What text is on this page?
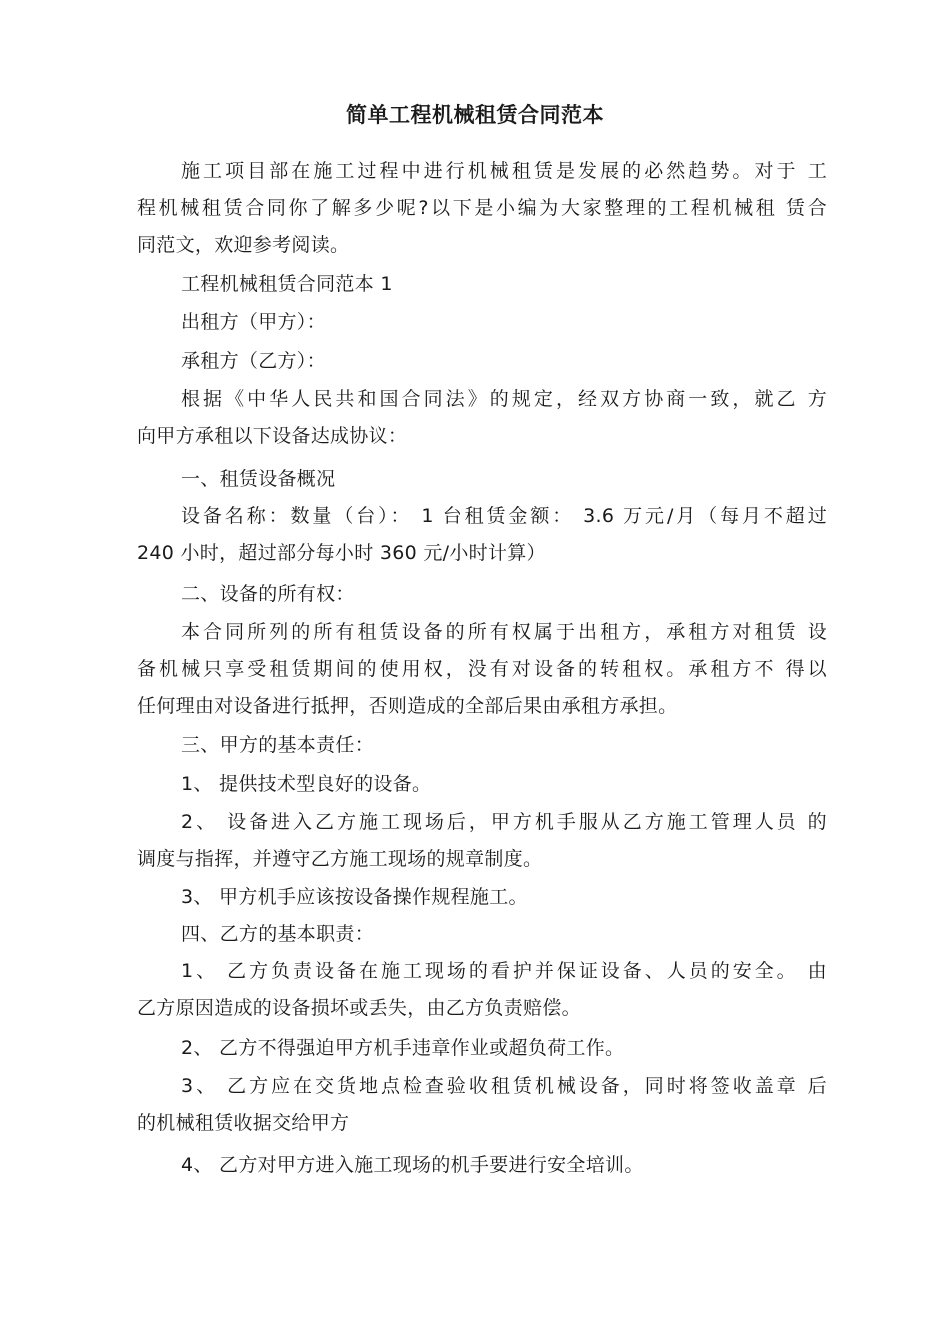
简单工程机械租赁合同范本
施工项目部在施工过程中进行机械租赁是发展的必然趋势。对于 工
程机械租赁合同你了解多少呢?以下是小编为大家整理的工程机械租 赁合
同范文，欢迎参考阅读。
工程机械租赁合同范本 1
出租方（甲方）：
承租方（乙方）：
根据《中华人民共和国合同法》的规定，经双方协商一致，就乙 方
向甲方承租以下设备达成协议：
一、租赁设备概况
设备名称：数量（台）： 1 台租赁金额： 3.6 万元/月（每月不超过
240 小时，超过部分每小时 360 元/小时计算）
二、设备的所有权：
本合同所列的所有租赁设备的所有权属于出租方，承租方对租赁 设
备机械只享受租赁期间的使用权，没有对设备的转租权。承租方不 得以
任何理由对设备进行抵押，否则造成的全部后果由承租方承担。
三、甲方的基本责任：
1、 提供技术型良好的设备。
2、 设备进入乙方施工现场后，甲方机手服从乙方施工管理人员 的
调度与指挥，并遵守乙方施工现场的规章制度。
3、 甲方机手应该按设备操作规程施工。
四、乙方的基本职责：
1、 乙方负责设备在施工现场的看护并保证设备、人员的安全。 由
乙方原因造成的设备损坏或丢失，由乙方负责赔偿。
2、 乙方不得强迫甲方机手违章作业或超负荷工作。
3、 乙方应在交货地点检查验收租赁机械设备，同时将签收盖章 后
的机械租赁收据交给甲方
4、 乙方对甲方进入施工现场的机手要进行安全培训。
